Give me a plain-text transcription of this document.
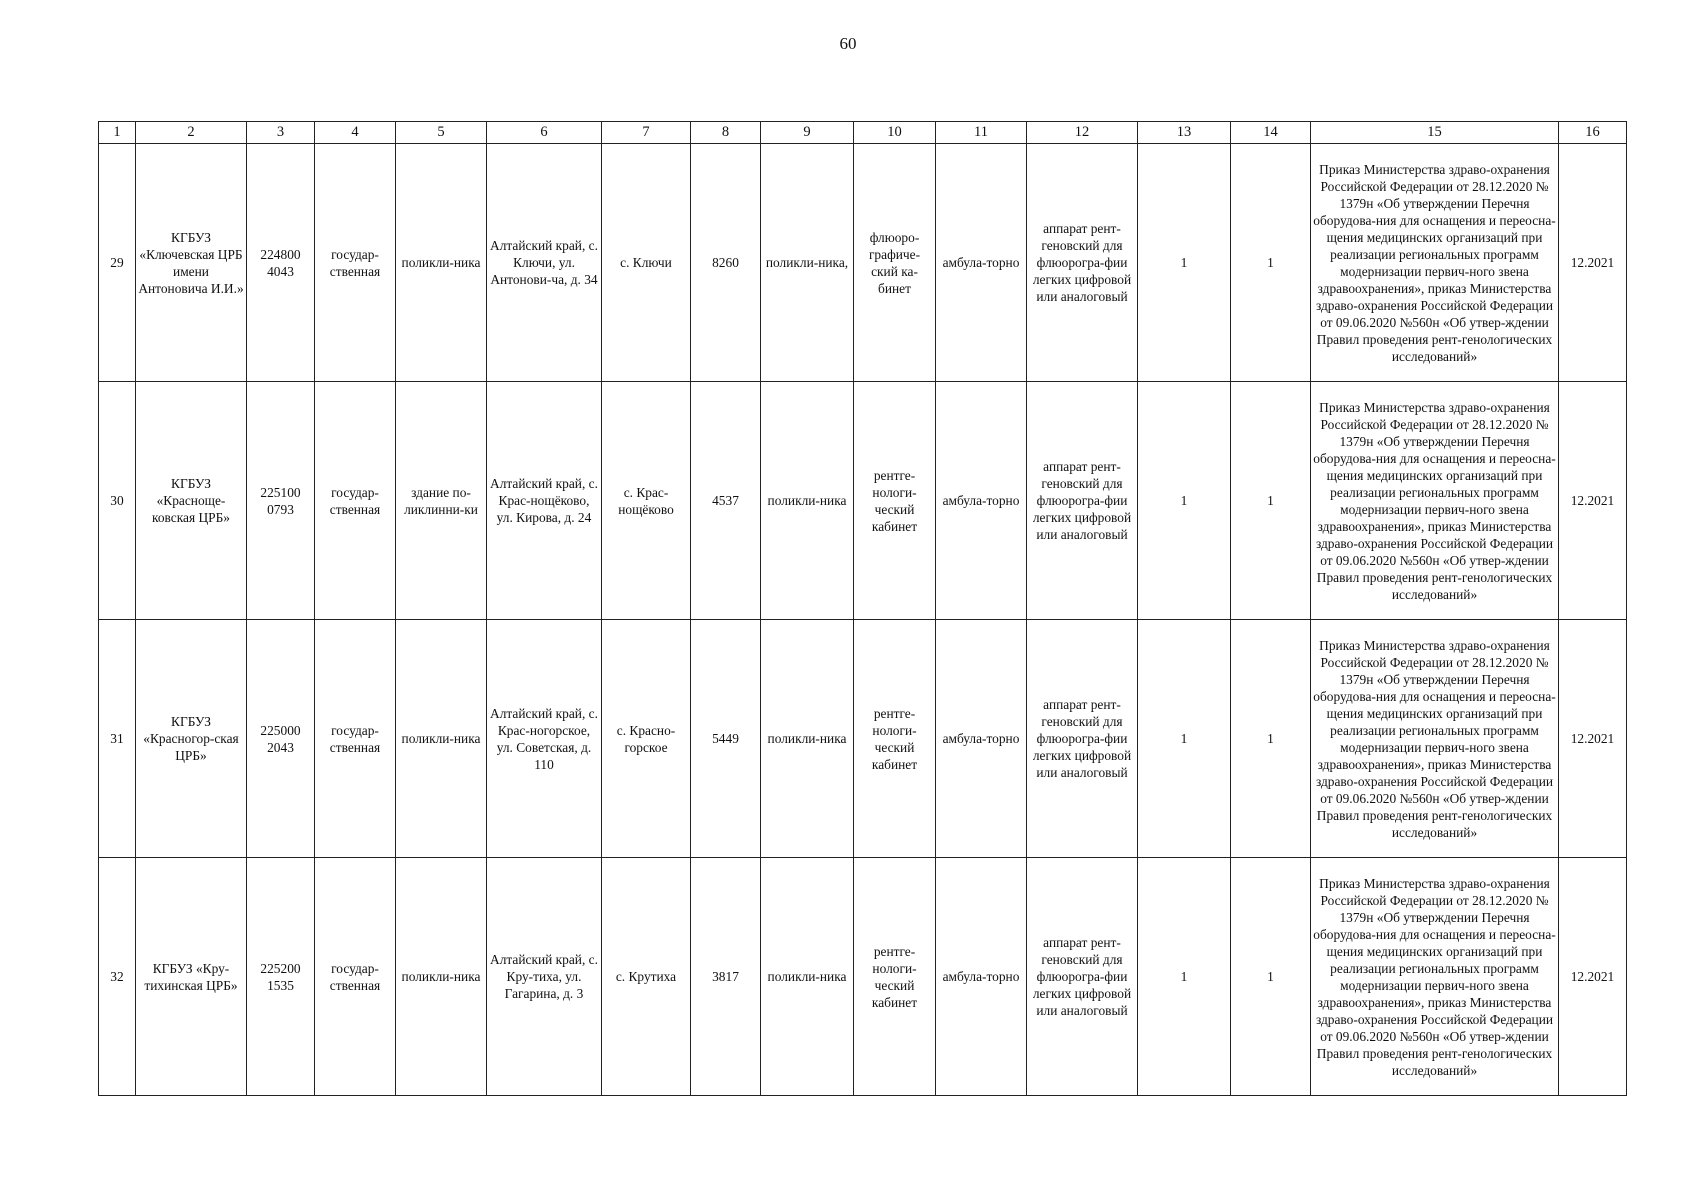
60
1	2	3	4	5	6	7	8	9	10	11	12	13	14	15	16
29	КГБУЗ «Ключевская ЦРБ имени Антоновича И.И.»	224800 4043	государ-ственная	поликли-ника	Алтайский край, с. Ключи, ул. Антонови-ча, д. 34	с. Ключи	8260	поликли-ника,	флюоро-графиче-ский ка-бинет	амбула-торно	аппарат рент-геновский для флюорогра-фии легких цифровой или аналоговый	1	1	Приказ Министерства здраво-охранения Российской Федерации от 28.12.2020 № 1379н «Об утверждении Перечня оборудова-ния для оснащения и переосна-щения медицинских организаций при реализации региональных программ модернизации первич-ного звена здравоохранения», приказ Министерства здраво-охранения Российской Федерации от 09.06.2020 №560н «Об утвер-ждении Правил проведения рент-генологических исследований»	12.2021
30	КГБУЗ «Красноще-ковская ЦРБ»	225100 0793	государ-ственная	здание по-ликлинни-ки	Алтайский край, с. Крас-нощёково, ул. Кирова, д. 24	с. Крас-нощёково	4537	поликли-ника	рентге-нологи-ческий кабинет	амбула-торно	аппарат рент-геновский для флюорогра-фии легких цифровой или аналоговый	1	1	Приказ Министерства здраво-охранения Российской Федерации от 28.12.2020 № 1379н «Об утверждении Перечня оборудова-ния для оснащения и переосна-щения медицинских организаций при реализации региональных программ модернизации первич-ного звена здравоохранения», приказ Министерства здраво-охранения Российской Федерации от 09.06.2020 №560н «Об утвер-ждении Правил проведения рент-генологических исследований»	12.2021
31	КГБУЗ «Красногор-ская ЦРБ»	225000 2043	государ-ственная	поликли-ника	Алтайский край, с. Крас-ногорское, ул. Советская, д. 110	с. Красно-горское	5449	поликли-ника	рентге-нологи-ческий кабинет	амбула-торно	аппарат рент-геновский для флюорогра-фии легких цифровой или аналоговый	1	1	Приказ Министерства здраво-охранения Российской Федерации от 28.12.2020 № 1379н «Об утверждении Перечня оборудова-ния для оснащения и переосна-щения медицинских организаций при реализации региональных программ модернизации первич-ного звена здравоохранения», приказ Министерства здраво-охранения Российской Федерации от 09.06.2020 №560н «Об утвер-ждении Правил проведения рент-генологических исследований»	12.2021
32	КГБУЗ «Кру-тихинская ЦРБ»	225200 1535	государ-ственная	поликли-ника	Алтайский край, с. Кру-тиха, ул. Гагарина, д. 3	с. Крутиха	3817	поликли-ника	рентге-нологи-ческий кабинет	амбула-торно	аппарат рент-геновский для флюорогра-фии легких цифровой или аналоговый	1	1	Приказ Министерства здраво-охранения Российской Федерации от 28.12.2020 № 1379н «Об утверждении Перечня оборудова-ния для оснащения и переосна-щения медицинских организаций при реализации региональных программ модернизации первич-ного звена здравоохранения», приказ Министерства здраво-охранения Российской Федерации от 09.06.2020 №560н «Об утвер-ждении Правил проведения рент-генологических исследований»	12.2021
